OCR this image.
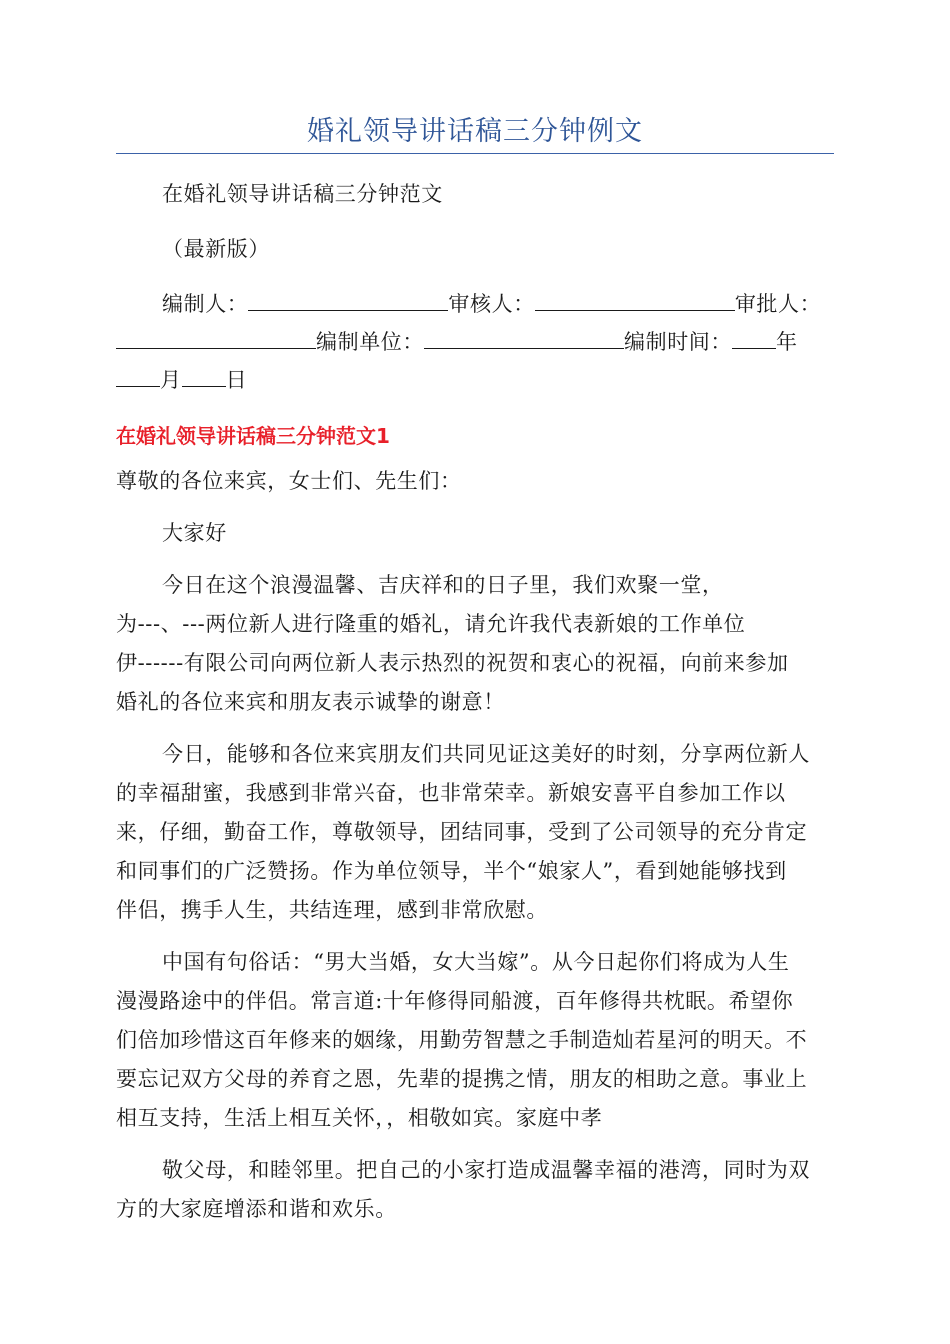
婚礼领导讲话稿三分钟例文
在婚礼领导讲话稿三分钟范文
（最新版）
编制人：	审核人：	审批人：
编制单位：	编制时间： 年
月 日
在婚礼领导讲话稿三分钟范文1
尊敬的各位来宾，女士们、先生们：
大家好
今日在这个浪漫温馨、吉庆祥和的日子里，我们欢聚一堂，
为---、---两位新人进行隆重的婚礼，请允许我代表新娘的工作单位
伊------有限公司向两位新人表示热烈的祝贺和衷心的祝福，向前来参加
婚礼的各位来宾和朋友表示诚挚的谢意！
今日，能够和各位来宾朋友们共同见证这美好的时刻，分享两位新人
的幸福甜蜜，我感到非常兴奋，也非常荣幸。新娘安喜平自参加工作以
来，仔细，勤奋工作，尊敬领导，团结同事，受到了公司领导的充分肯定
和同事们的广泛赞扬。作为单位领导，半个“娘家人”，看到她能够找到
伴侣，携手人生，共结连理，感到非常欣慰。
中国有句俗话：“男大当婚，女大当嫁”。从今日起你们将成为人生
漫漫路途中的伴侣。常言道:十年修得同船渡，百年修得共枕眠。希望你
们倍加珍惜这百年修来的姻缘，用勤劳智慧之手制造灿若星河的明天。不
要忘记双方父母的养育之恩，先辈的提携之情，朋友的相助之意。事业上
相互支持，生活上相互关怀，，相敬如宾。家庭中孝
敬父母，和睦邻里。把自己的小家打造成温馨幸福的港湾，同时为双
方的大家庭增添和谐和欢乐。
